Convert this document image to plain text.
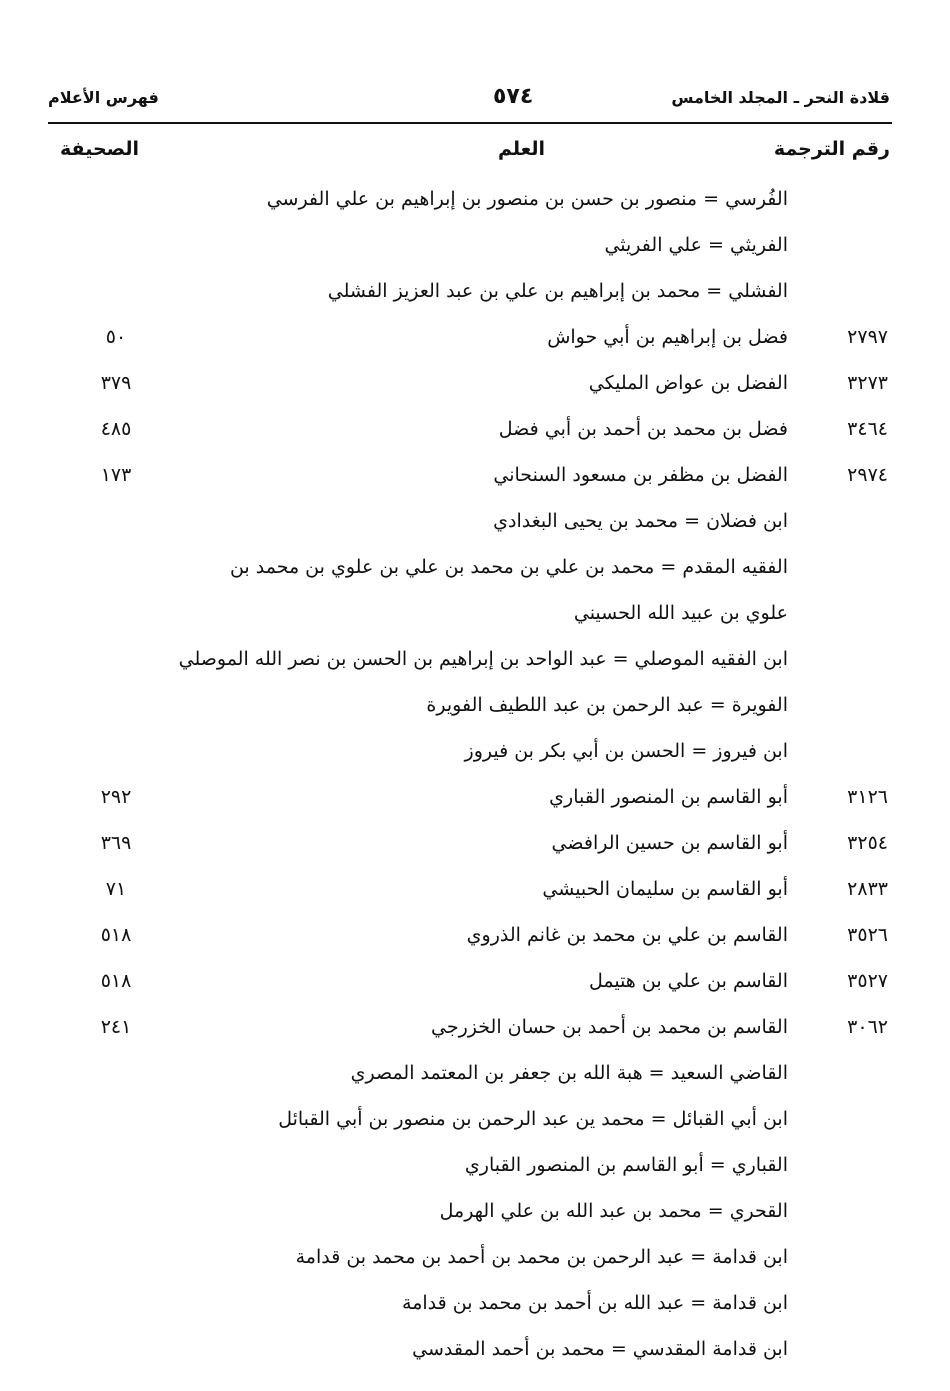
قلادة النحر ـ المجلد الخامس
٥٧٤
فهرس الأعلام
رقم الترجمة
العلم
الصحيفة
الفُرسي = منصور بن حسن بن منصور بن إبراهيم بن علي الفرسي
الفريثي = علي الفريثي
الفشلي = محمد بن إبراهيم بن علي بن عبد العزيز الفشلي
٢٧٩٧
فضل بن إبراهيم بن أبي حواش
٥٠
٣٢٧٣
الفضل بن عواض المليكي
٣٧٩
٣٤٦٤
فضل بن محمد بن أحمد بن أبي فضل
٤٨٥
٢٩٧٤
الفضل بن مظفر بن مسعود السنحاني
١٧٣
ابن فضلان = محمد بن يحيى البغدادي
الفقيه المقدم = محمد بن علي بن محمد بن علي بن علوي بن محمد بن
علوي بن عبيد الله الحسيني
ابن الفقيه الموصلي = عبد الواحد بن إبراهيم بن الحسن بن نصر الله الموصلي
الفويرة = عبد الرحمن بن عبد اللطيف الفويرة
ابن فيروز = الحسن بن أبي بكر بن فيروز
٣١٢٦
أبو القاسم بن المنصور القباري
٢٩٢
٣٢٥٤
أبو القاسم بن حسين الرافضي
٣٦٩
٢٨٣٣
أبو القاسم بن سليمان الحبيشي
٧١
٣٥٢٦
القاسم بن علي بن محمد بن غانم الذروي
٥١٨
٣٥٢٧
القاسم بن علي بن هتيمل
٥١٨
٣٠٦٢
القاسم بن محمد بن أحمد بن حسان الخزرجي
٢٤١
القاضي السعيد = هبة الله بن جعفر بن المعتمد المصري
ابن أبي القبائل = محمد ين عبد الرحمن بن منصور بن أبي القبائل
القباري = أبو القاسم بن المنصور القباري
القحري = محمد بن عبد الله بن علي الهرمل
ابن قدامة = عبد الرحمن بن محمد بن أحمد بن محمد بن قدامة
ابن قدامة = عبد الله بن أحمد بن محمد بن قدامة
ابن قدامة المقدسي = محمد بن أحمد المقدسي
